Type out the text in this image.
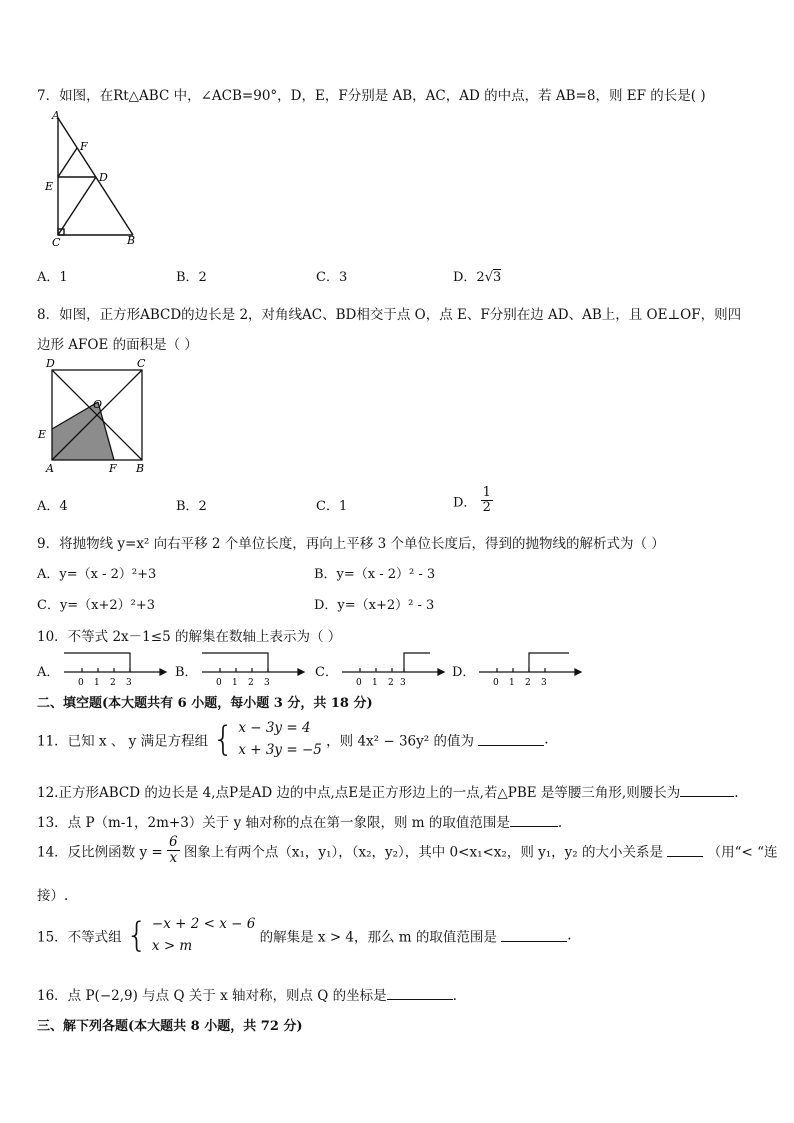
7．如图，在Rt△ABC 中，∠ACB=90°，D，E，F分别是 AB，AC，AD 的中点，若 AB=8，则 EF 的长是( )
A
F
E
D
C	B
A．1	B．2	C．3	D．2√3
8．如图，正方形ABCD的边长是 2，对角线AC、BD相交于点 O，点 E、F分别在边 AD、AB上，且 OE⊥OF，则四
边形 AFOE 的面积是（ ）
D	C
O
E
A	F B
A．4	B．2	C．1	D． $\frac{1}{2}$
9．将抛物线 y=x² 向右平移 2 个单位长度，再向上平移 3 个单位长度后，得到的抛物线的解析式为（ ）
A．y=（x - 2）²+3	B．y=（x - 2）² - 3
C．y=（x+2）²+3	D．y=（x+2）² - 3
10．不等式 2x－1≤5 的解集在数轴上表示为（ ）
A．
0 1 2 3
B．
0 1 2 3
C．
0 1 2 3
D．
0 1 2 3
二、填空题(本大题共有 6 小题，每小题 3 分，共 18 分)
11．已知 x 、 y 满足方程组 { x − 3y = 4
x + 3y = −5 ，则 4x² − 36y² 的值为	.
12.正方形ABCD 的边长是 4,点P是AD 边的中点,点E是正方形边上的一点,若△PBE 是等腰三角形,则腰长为	.
13．点 P（m-1，2m+3）关于 y 轴对称的点在第一象限，则 m 的取值范围是	.
14．反比例函数 $y = \frac{6}{x}$ 图象上有两个点（x₁，y₁），（x₂，y₂），其中 0<x₁<x₂，则 y₁，y₂ 的大小关系是	（用“< “连
接）.
15．不等式组 { −x + 2 < x − 6
x > m	的解集是 x > 4，那么 m 的取值范围是	.
16．点 P(−2,9) 与点 Q 关于 x 轴对称，则点 Q 的坐标是	.
三、解下列各题(本大题共 8 小题，共 72 分)
